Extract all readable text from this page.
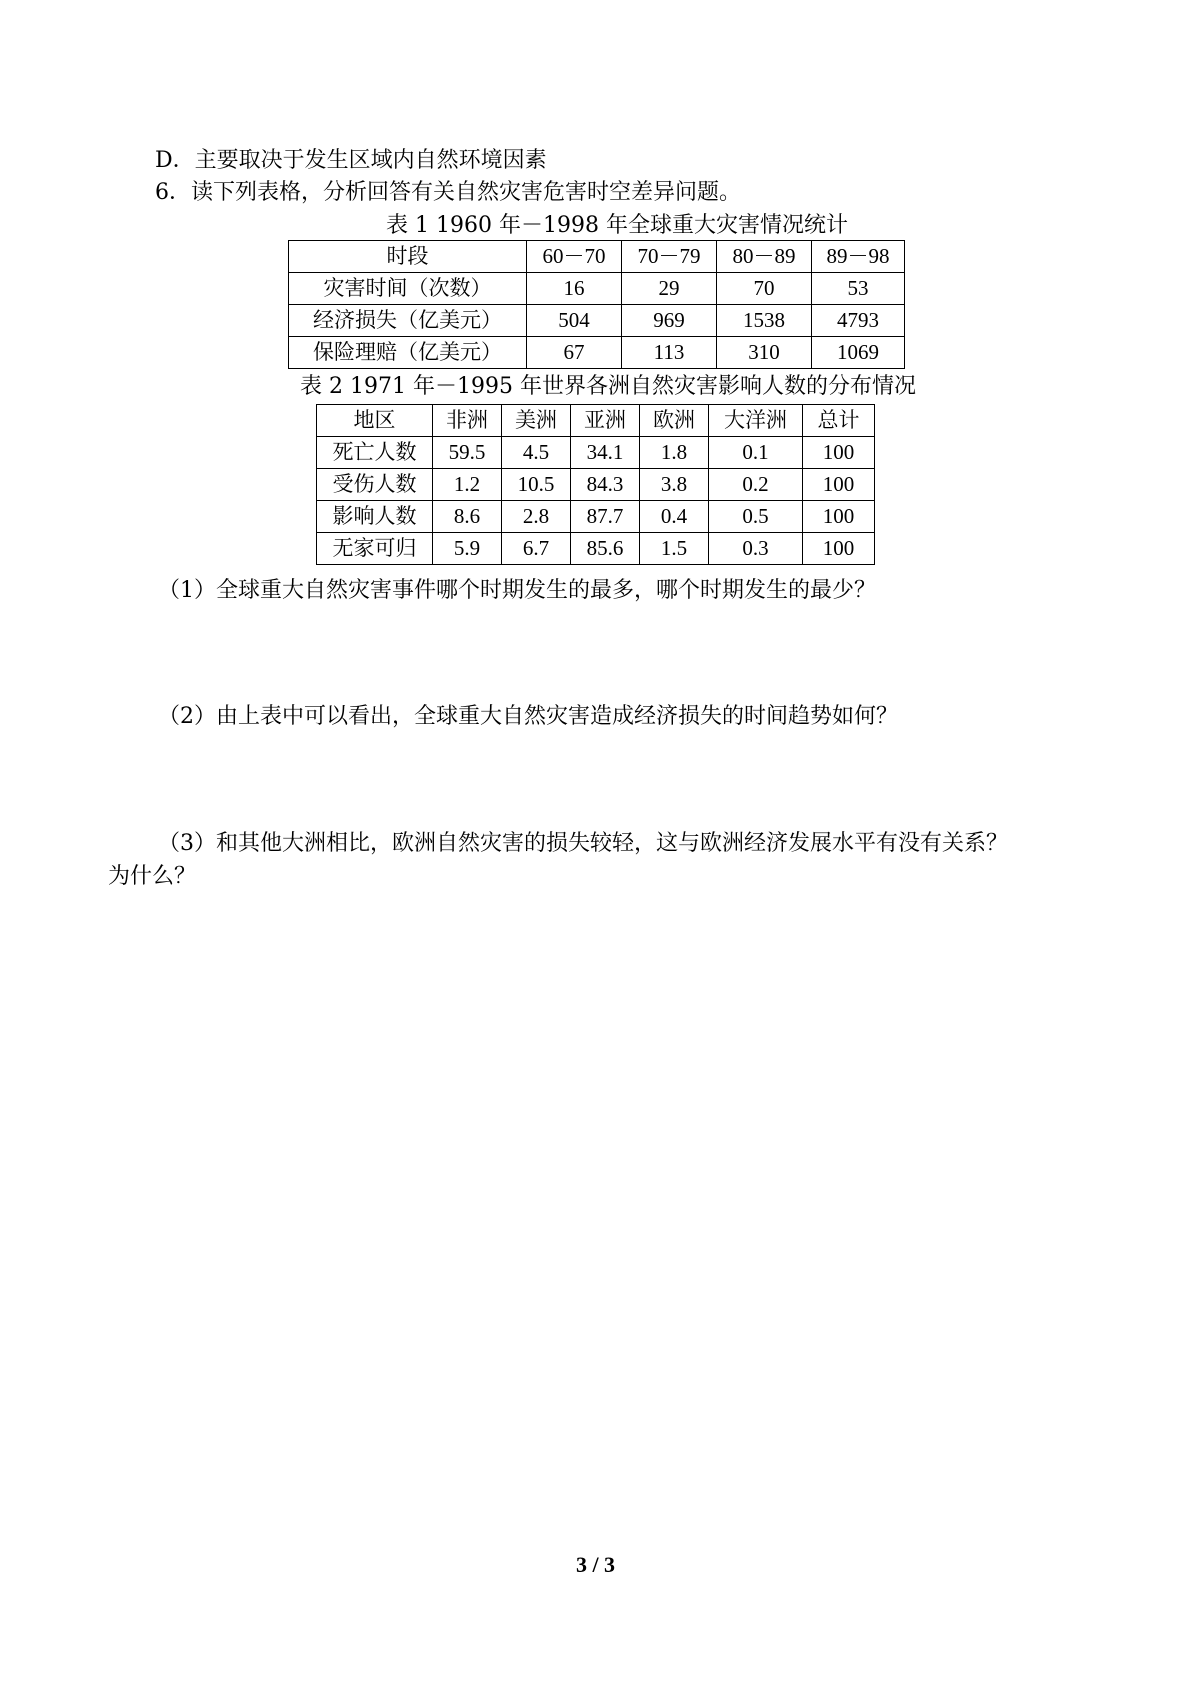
D．主要取决于发生区域内自然环境因素
6．读下列表格，分析回答有关自然灾害危害时空差异问题。
表 1 1960 年－1998 年全球重大灾害情况统计
时段	60－70	70－79	80－89	89－98
灾害时间（次数）	16	29	70	53
经济损失（亿美元）	504	969	1538	4793
保险理赔（亿美元）	67	113	310	1069
表 2 1971 年－1995 年世界各洲自然灾害影响人数的分布情况
地区	非洲	美洲	亚洲	欧洲	大洋洲	总计
死亡人数	59.5	4.5	34.1	1.8	0.1	100
受伤人数	1.2	10.5	84.3	3.8	0.2	100
影响人数	8.6	2.8	87.7	0.4	0.5	100
无家可归	5.9	6.7	85.6	1.5	0.3	100
（1）全球重大自然灾害事件哪个时期发生的最多，哪个时期发生的最少？
（2）由上表中可以看出，全球重大自然灾害造成经济损失的时间趋势如何？
（3）和其他大洲相比，欧洲自然灾害的损失较轻，这与欧洲经济发展水平有没有关系？
为什么？
3 / 3
